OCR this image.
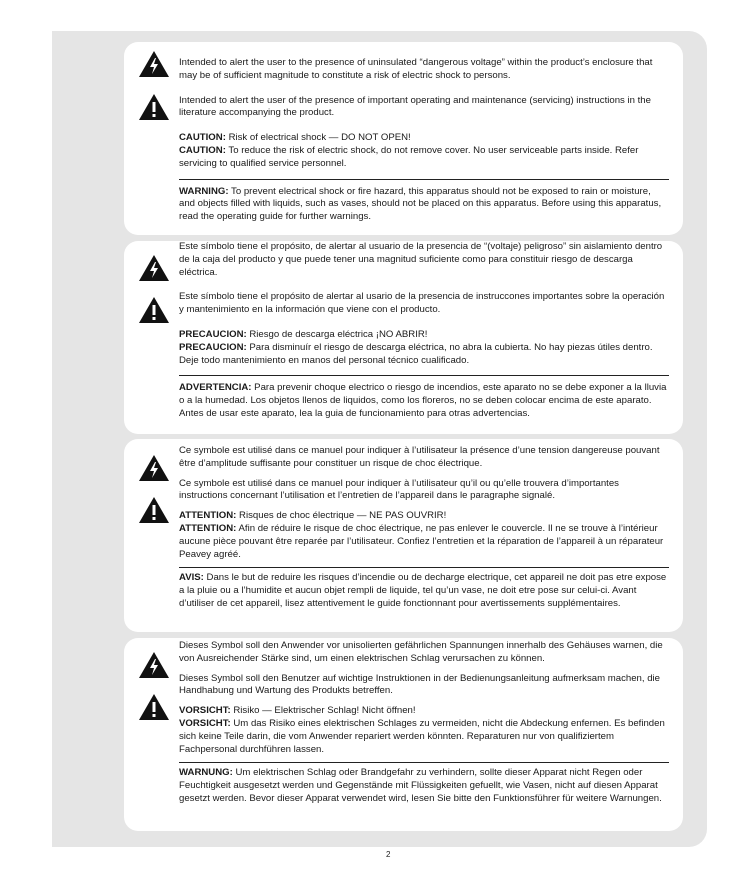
Intended to alert the user to the presence of uninsulated “dangerous voltage” within the product’s enclosure that may be of sufficient magnitude to constitute a risk of electric shock to persons.

Intended to alert the user of the presence of important operating and maintenance (servicing) instructions in the literature accompanying the product.

CAUTION: Risk of electrical shock — DO NOT OPEN!

CAUTION: To reduce the risk of electric shock, do not remove cover. No user serviceable parts inside. Refer servicing to qualified service personnel.

WARNING: To prevent electrical shock or fire hazard, this apparatus should not be exposed to rain or moisture, and objects filled with liquids, such as vases, should not be placed on this apparatus. Before using this apparatus, read the operating guide for further warnings.

Este símbolo tiene el propósito, de alertar al usuario de la presencia de “(voltaje) peligroso” sin aislamiento dentro de la caja del producto y que puede tener una magnitud suficiente como para constituir riesgo de descarga eléctrica.

Este símbolo tiene el propósito de alertar al usario de la presencia de instruccones importantes sobre la operación y mantenimiento en la información que viene con el producto.

PRECAUCION: Riesgo de descarga eléctrica ¡NO ABRIR!

PRECAUCION: Para disminuír el riesgo de descarga eléctrica, no abra la cubierta. No hay piezas útiles dentro. Deje todo mantenimiento en manos del personal técnico cualificado.

ADVERTENCIA: Para prevenir choque electrico o riesgo de incendios, este aparato no se debe exponer a la lluvia o a la humedad. Los objetos llenos de liquidos, como los floreros, no se deben colocar encima de este aparato. Antes de usar este aparato, lea la guia de funcionamiento para otras advertencias.

Ce symbole est utilisé dans ce manuel pour indiquer à l’utilisateur la présence d’une tension dangereuse pouvant être d’amplitude suffisante pour constituer un risque de choc électrique.

Ce symbole est utilisé dans ce manuel pour indiquer à l’utilisateur qu’il ou qu’elle trouvera d’importantes instructions concernant l’utilisation et l’entretien de l’appareil dans le paragraphe signalé.

ATTENTION: Risques de choc électrique — NE PAS OUVRIR!

ATTENTION: Afin de réduire le risque de choc électrique, ne pas enlever le couvercle. Il ne se trouve à l’intérieur aucune pièce pouvant être reparée par l’utilisateur. Confiez l’entretien et la réparation de l’appareil à un réparateur Peavey agréé.

AVIS: Dans le but de reduire les risques d’incendie ou de decharge electrique, cet appareil ne doit pas etre expose a la pluie ou a l’humidite et aucun objet rempli de liquide, tel qu’un vase, ne doit etre pose sur celui-ci. Avant d’utiliser de cet appareil, lisez attentivement le guide fonctionnant pour avertissements supplémentaires.

Dieses Symbol soll den Anwender vor unisolierten gefährlichen Spannungen innerhalb des Gehäuses warnen, die von Ausreichender Stärke sind, um einen elektrischen Schlag verursachen zu können.

Dieses Symbol soll den Benutzer auf wichtige Instruktionen in der Bedienungsanleitung aufmerksam machen, die Handhabung und Wartung des Produkts betreffen.

VORSICHT: Risiko — Elektrischer Schlag! Nicht öffnen!

VORSICHT: Um das Risiko eines elektrischen Schlages zu vermeiden, nicht die Abdeckung enfernen. Es befinden sich keine Teile darin, die vom Anwender repariert werden könnten. Reparaturen nur von qualifiziertem Fachpersonal durchführen lassen.

WARNUNG: Um elektrischen Schlag oder Brandgefahr zu verhindern, sollte dieser Apparat nicht Regen oder Feuchtigkeit ausgesetzt werden und Gegenstände mit Flüssigkeiten gefuellt, wie Vasen, nicht auf diesen Apparat gesetzt werden. Bevor dieser Apparat verwendet wird, lesen Sie bitte den Funktionsführer für weitere Warnungen.

2
